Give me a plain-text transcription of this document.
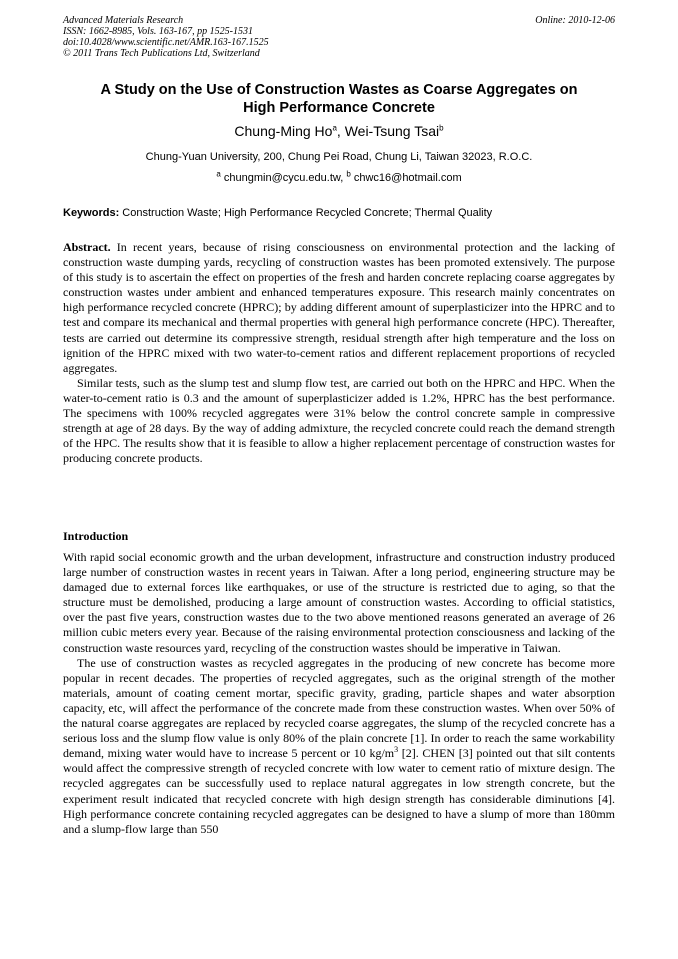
Advanced Materials Research
ISSN: 1662-8985, Vols. 163-167, pp 1525-1531
doi:10.4028/www.scientific.net/AMR.163-167.1525
© 2011 Trans Tech Publications Ltd, Switzerland
Online: 2010-12-06
A Study on the Use of Construction Wastes as Coarse Aggregates on
High Performance Concrete
Chung-Ming Ho$^a$, Wei-Tsung Tsai$^b$
Chung-Yuan University, 200, Chung Pei Road, Chung Li, Taiwan 32023, R.O.C.
$^a$ chungmin@cycu.edu.tw, $^b$ chwc16@hotmail.com
Keywords: Construction Waste; High Performance Recycled Concrete; Thermal Quality

Abstract. In recent years, because of rising consciousness on environmental protection and the lacking of construction waste dumping yards, recycling of construction wastes has been promoted extensively. The purpose of this study is to ascertain the effect on properties of the fresh and harden concrete replacing coarse aggregates by construction wastes under ambient and enhanced temperatures exposure. This research mainly concentrates on high performance recycled concrete (HPRC); by adding different amount of superplasticizer into the HPRC and to test and compare its mechanical and thermal properties with general high performance concrete (HPC). Thereafter, tests are carried out determine its compressive strength, residual strength after high temperature and the loss on ignition of the HPRC mixed with two water-to-cement ratios and different replacement proportions of recycled aggregates.

Similar tests, such as the slump test and slump flow test, are carried out both on the HPRC and HPC. When the water-to-cement ratio is 0.3 and the amount of superplasticizer added is 1.2%, HPRC has the best performance. The specimens with 100% recycled aggregates were 31% below the control concrete sample in compressive strength at age of 28 days. By the way of adding admixture, the recycled concrete could reach the demand strength of the HPC. The results show that it is feasible to allow a higher replacement percentage of construction wastes for producing concrete products.

Introduction

With rapid social economic growth and the urban development, infrastructure and construction industry produced large number of construction wastes in recent years in Taiwan. After a long period, engineering structure may be damaged due to external forces like earthquakes, or use of the structure is restricted due to aging, so that the structure must be demolished, producing a large amount of construction wastes. According to official statistics, over the past five years, construction wastes due to the two above mentioned reasons generated an average of 26 million cubic meters every year. Because of the raising environmental protection consciousness and lacking of the construction waste resources yard, recycling of the construction wastes should be imperative in Taiwan.

The use of construction wastes as recycled aggregates in the producing of new concrete has become more popular in recent decades. The properties of recycled aggregates, such as the original strength of the mother materials, amount of coating cement mortar, specific gravity, grading, particle shapes and water absorption capacity, etc, will affect the performance of the concrete made from these construction wastes. When over 50% of the natural coarse aggregates are replaced by recycled coarse aggregates, the slump of the recycled concrete has a serious loss and the slump flow value is only 80% of the plain concrete [1]. In order to reach the same workability demand, mixing water would have to increase 5 percent or 10 $kg/m^3$ [2]. CHEN [3] pointed out that silt contents would affect the compressive strength of recycled concrete with low water to cement ratio of mixture design. The recycled aggregates can be successfully used to replace natural aggregates in low strength concrete, but the experiment result indicated that recycled concrete with high design strength has considerable diminutions [4]. High performance concrete containing recycled aggregates can be designed to have a slump of more than 180mm and a slump-flow large than 550
